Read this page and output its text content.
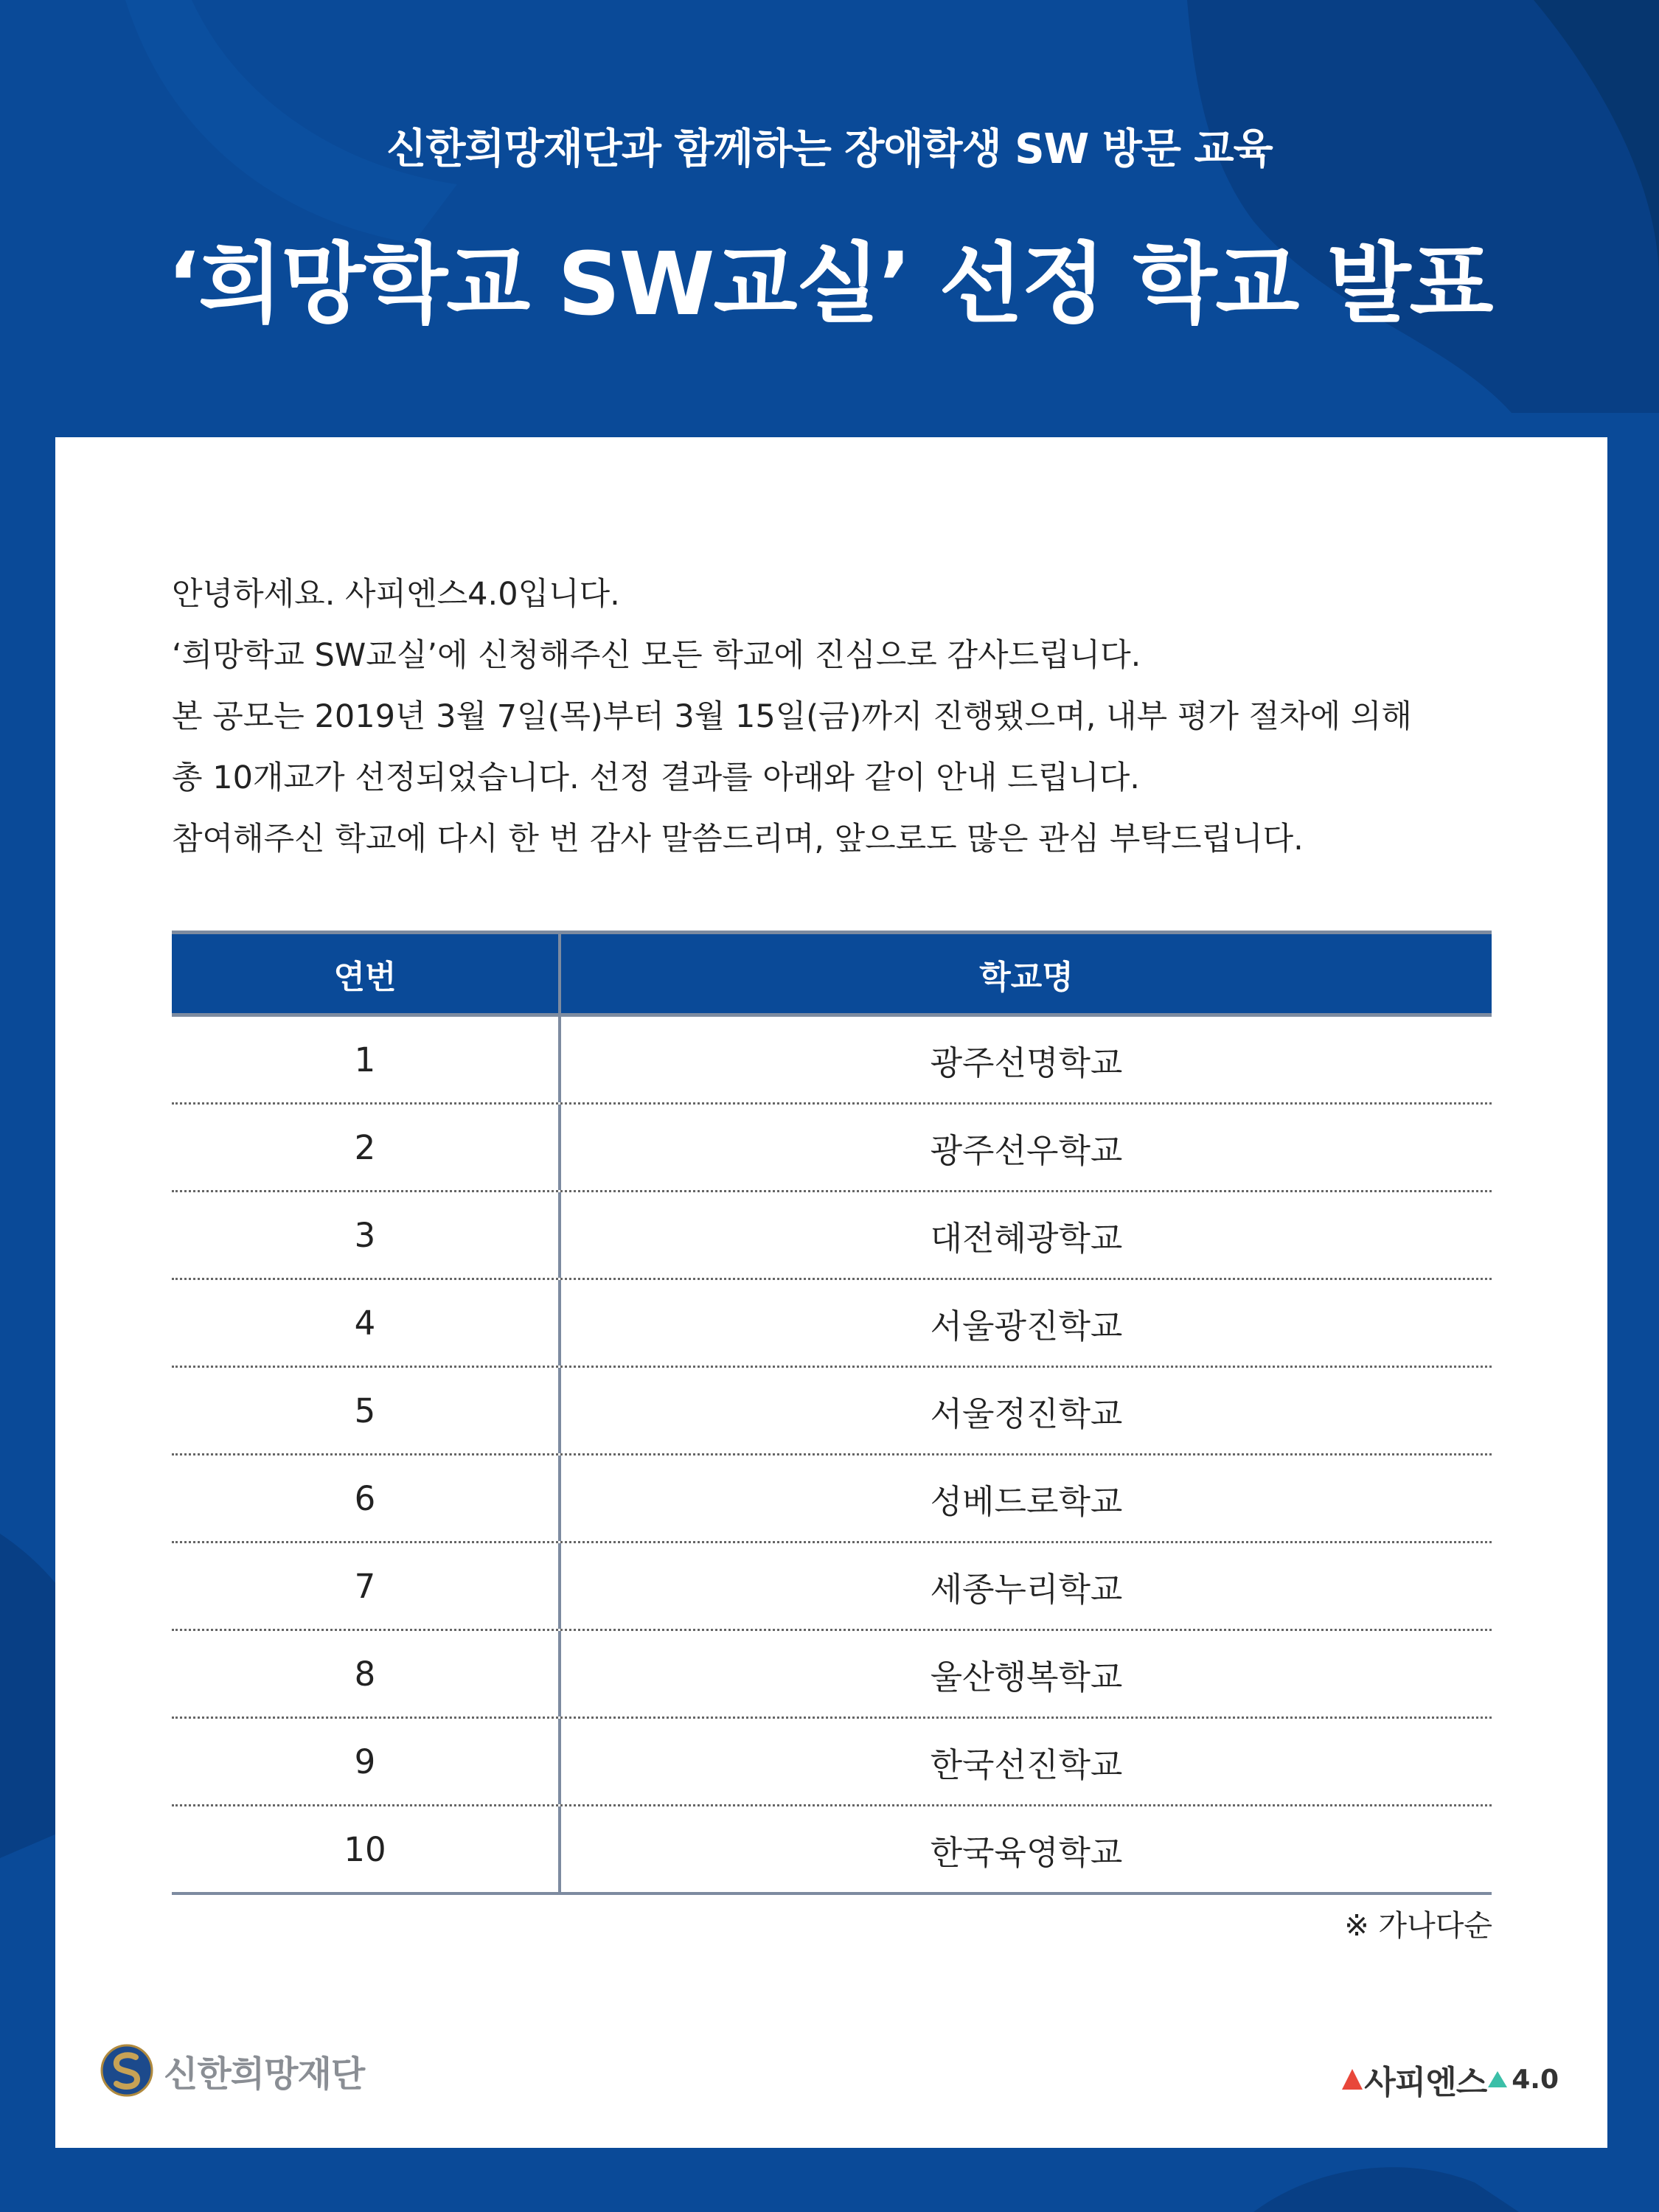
신한희망재단과 함께하는 장애학생 SW 방문 교육
‘희망학교 SW교실’ 선정 학교 발표

안녕하세요. 사피엔스4.0입니다.

‘희망학교 SW교실’에 신청해주신 모든 학교에 진심으로 감사드립니다.

본 공모는 2019년 3월 7일(목)부터 3월 15일(금)까지 진행됐으며, 내부 평가 절차에 의해

총 10개교가 선정되었습니다. 선정 결과를 아래와 같이 안내 드립니다.

참여해주신 학교에 다시 한 번 감사 말씀드리며, 앞으로도 많은 관심 부탁드립니다.

연번	학교명
1	광주선명학교
2	광주선우학교
3	대전혜광학교
4	서울광진학교
5	서울정진학교
6	성베드로학교
7	세종누리학교
8	울산행복학교
9	한국선진학교
10	한국육영학교
※ 가나다순
신한희망재단	사피엔스 4.0
